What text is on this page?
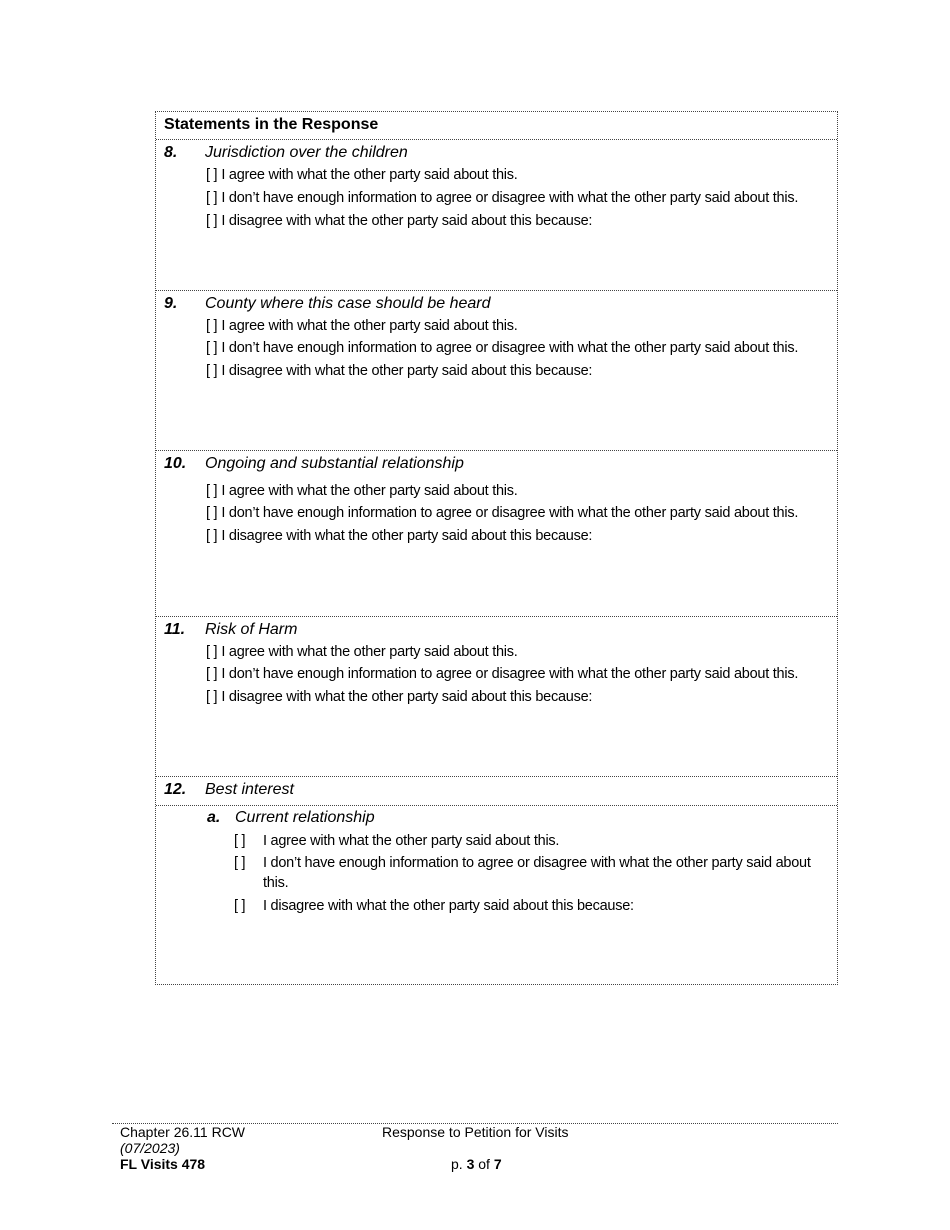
Statements in the Response
8. Jurisdiction over the children
[ ] I agree with what the other party said about this.
[ ] I don’t have enough information to agree or disagree with what the other party said about this.
[ ] I disagree with what the other party said about this because:
9. County where this case should be heard
[ ] I agree with what the other party said about this.
[ ] I don’t have enough information to agree or disagree with what the other party said about this.
[ ] I disagree with what the other party said about this because:
10. Ongoing and substantial relationship
[ ] I agree with what the other party said about this.
[ ] I don’t have enough information to agree or disagree with what the other party said about this.
[ ] I disagree with what the other party said about this because:
11. Risk of Harm
[ ] I agree with what the other party said about this.
[ ] I don’t have enough information to agree or disagree with what the other party said about this.
[ ] I disagree with what the other party said about this because:
12. Best interest
a. Current relationship
[ ] I agree with what the other party said about this.
[ ] I don’t have enough information to agree or disagree with what the other party said about
this.
[ ] I disagree with what the other party said about this because:
Chapter 26.11 RCW
(07/2023)
FL Visits 478
Response to Petition for Visits
p. 3 of 7
